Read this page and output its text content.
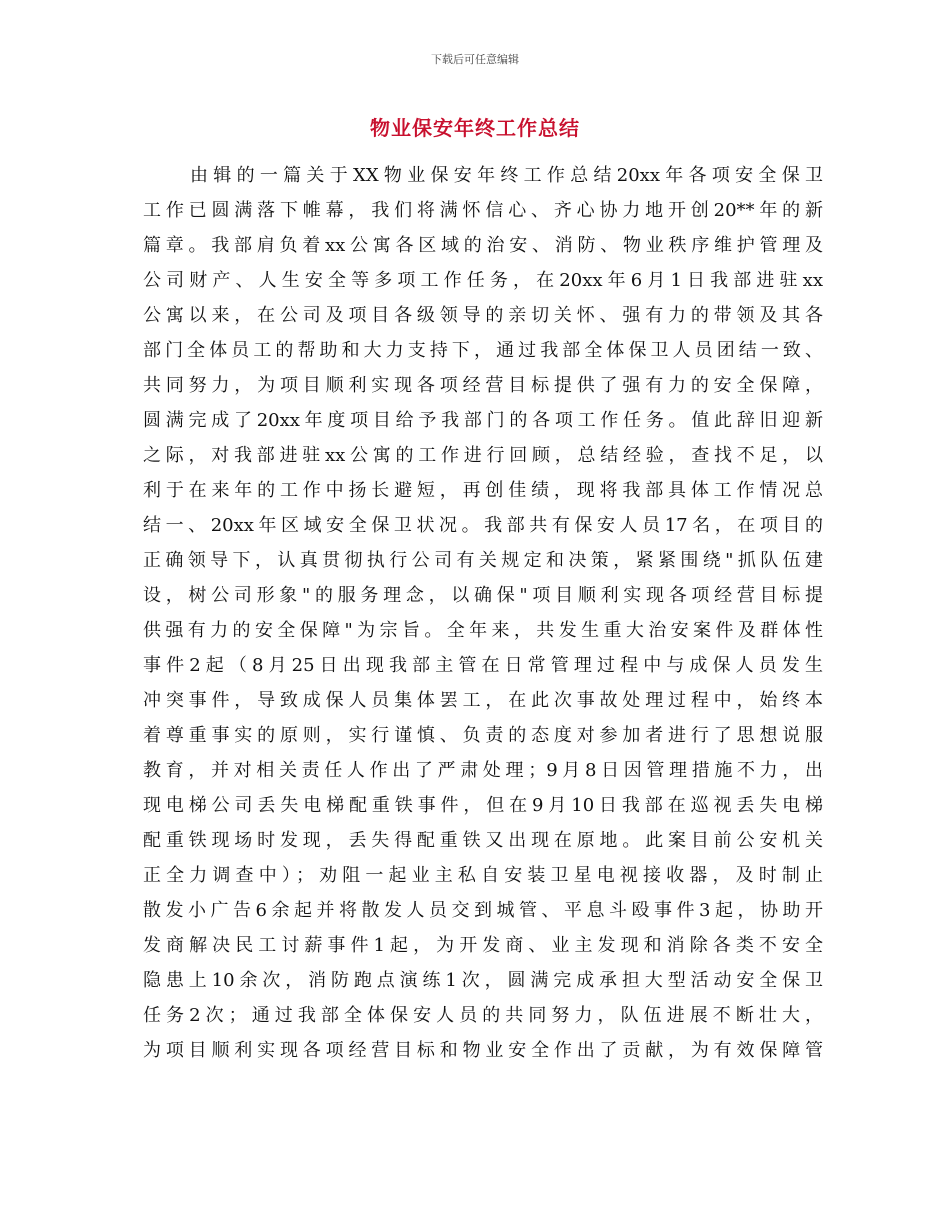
下载后可任意编辑
物业保安年终工作总结
由辑的一篇关于XX物业保安年终工作总结20xx年各项安全保卫
工作已圆满落下帷幕，我们将满怀信心、齐心协力地开创20**年的新
篇章。我部肩负着xx公寓各区域的治安、消防、物业秩序维护管理及
公司财产、人生安全等多项工作任务，在20xx年6月1日我部进驻xx
公寓以来，在公司及项目各级领导的亲切关怀、强有力的带领及其各
部门全体员工的帮助和大力支持下，通过我部全体保卫人员团结一致、
共同努力，为项目顺利实现各项经营目标提供了强有力的安全保障，
圆满完成了20xx年度项目给予我部门的各项工作任务。值此辞旧迎新
之际，对我部进驻xx公寓的工作进行回顾，总结经验，查找不足，以
利于在来年的工作中扬长避短，再创佳绩，现将我部具体工作情况总
结一、20xx年区域安全保卫状况。我部共有保安人员17名，在项目的
正确领导下，认真贯彻执行公司有关规定和决策，紧紧围绕"抓队伍建
设，树公司形象"的服务理念，以确保"项目顺利实现各项经营目标提
供强有力的安全保障"为宗旨。全年来，共发生重大治安案件及群体性
事件2起（8月25日出现我部主管在日常管理过程中与成保人员发生
冲突事件，导致成保人员集体罢工，在此次事故处理过程中，始终本
着尊重事实的原则，实行谨慎、负责的态度对参加者进行了思想说服
教育，并对相关责任人作出了严肃处理；9月8日因管理措施不力，出
现电梯公司丢失电梯配重铁事件，但在9月10日我部在巡视丢失电梯
配重铁现场时发现，丢失得配重铁又出现在原地。此案目前公安机关
正全力调查中）；劝阻一起业主私自安装卫星电视接收器，及时制止
散发小广告6余起并将散发人员交到城管、平息斗殴事件3起，协助开
发商解决民工讨薪事件1起，为开发商、业主发现和消除各类不安全
隐患上10余次，消防跑点演练1次，圆满完成承担大型活动安全保卫
任务2次；通过我部全体保安人员的共同努力，队伍进展不断壮大，
为项目顺利实现各项经营目标和物业安全作出了贡献，为有效保障管
